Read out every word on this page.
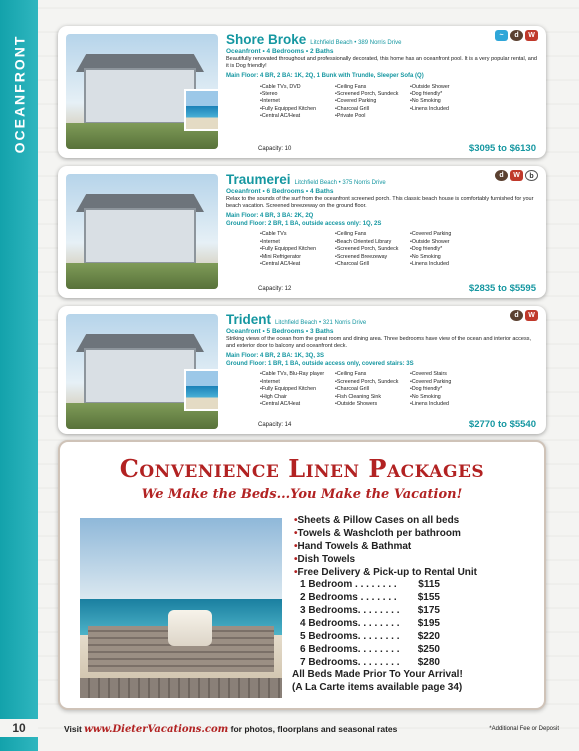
OCEANFRONT
10
~	d	W
Shore Broke Litchfield Beach • 389 Norris Drive
Oceanfront • 4 Bedrooms • 2 Baths
Beautifully renovated throughout and professionally decorated, this home has an oceanfront pool. It is a very popular rental, and it is Dog friendly!
Main Floor: 4 BR, 2 BA: 1K, 2Q, 1 Bunk with Trundle, Sleeper Sofa (Q)
• Cable TVs, DVD	• Ceiling Fans	• Outside Shower
• Stereo	• Screened Porch, Sundeck	• Dog friendly*
• Internet	• Covered Parking	• No Smoking
• Fully Equipped Kitchen	• Charcoal Grill	• Linens Included
• Central AC/Heat	• Private Pool
Capacity: 10	$3095 to $6130
d	W	b
Traumerei Litchfield Beach • 375 Norris Drive
Oceanfront • 6 Bedrooms • 4 Baths
Relax to the sounds of the surf from the oceanfront screened porch. This classic beach house is comfortably furnished for your beach vacation. Screened breezeway on the ground floor.
Main Floor: 4 BR, 3 BA: 2K, 2Q
Ground Floor: 2 BR, 1 BA, outside access only: 1Q, 2S
• Cable TVs	• Ceiling Fans	• Covered Parking
• Internet	• Beach Oriented Library	• Outside Shower
• Fully Equipped Kitchen	• Screened Porch, Sundeck	• Dog friendly*
• Mini Refrigerator	• Screened Breezeway	• No Smoking
• Central AC/Heat	• Charcoal Grill	• Linens Included
Capacity: 12	$2835 to $5595
d	W
Trident Litchfield Beach • 321 Norris Drive
Oceanfront • 5 Bedrooms • 3 Baths
Striking views of the ocean from the great room and dining area. Three bedrooms have view of the ocean and interior access, and exterior door to balcony and oceanfront deck.
Main Floor: 4 BR, 2 BA: 1K, 3Q, 3S
Ground Floor: 1 BR, 1 BA, outside access only, covered stairs: 3S
• Cable TVs, Blu-Ray player	• Ceiling Fans	• Covered Stairs
• Internet	• Screened Porch, Sundeck	• Covered Parking
• Fully Equipped Kitchen	• Charcoal Grill	• Dog friendly*
• High Chair	• Fish Cleaning Sink	• No Smoking
• Central AC/Heat	• Outside Showers	• Linens Included
Capacity: 14	$2770 to $5540
Convenience Linen Packages
We Make the Beds...You Make the Vacation!
• Sheets & Pillow Cases on all beds
• Towels & Washcloth per bathroom
• Hand Towels & Bathmat
• Dish Towels
• Free Delivery & Pick-up to Rental Unit
1 Bedroom . . . . . . . . $115
2 Bedrooms . . . . . . . $155
3 Bedrooms. . . . . . . . $175
4 Bedrooms. . . . . . . . $195
5 Bedrooms. . . . . . . . $220
6 Bedrooms. . . . . . . . $250
7 Bedrooms. . . . . . . . $280
All Beds Made Prior To Your Arrival!
(A La Carte items available page 34)
Visit www.DieterVacations.com for photos, floorplans and seasonal rates	*Additional Fee or Deposit
